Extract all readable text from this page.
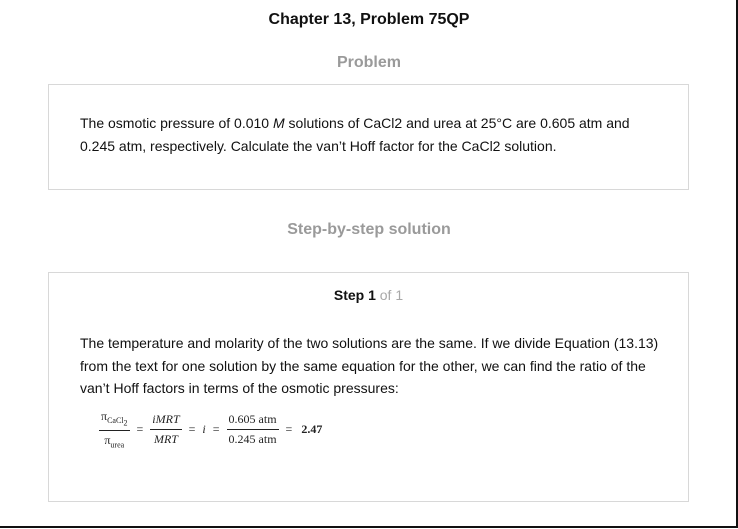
Chapter 13, Problem 75QP
Problem
The osmotic pressure of 0.010 M solutions of CaCl2 and urea at 25°C are 0.605 atm and 0.245 atm, respectively. Calculate the van’t Hoff factor for the CaCl2 solution.
Step-by-step solution
Step 1 of 1
The temperature and molarity of the two solutions are the same. If we divide Equation (13.13) from the text for one solution by the same equation for the other, we can find the ratio of the van’t Hoff factors in terms of the osmotic pressures:
$\frac{\pi_{CaCl_2}}{\pi_{urea}} = \frac{\text{iMRT}}{\text{MRT}} = i = \frac{\text{0.605 atm}}{\text{0.245 atm}} = 2.47$
